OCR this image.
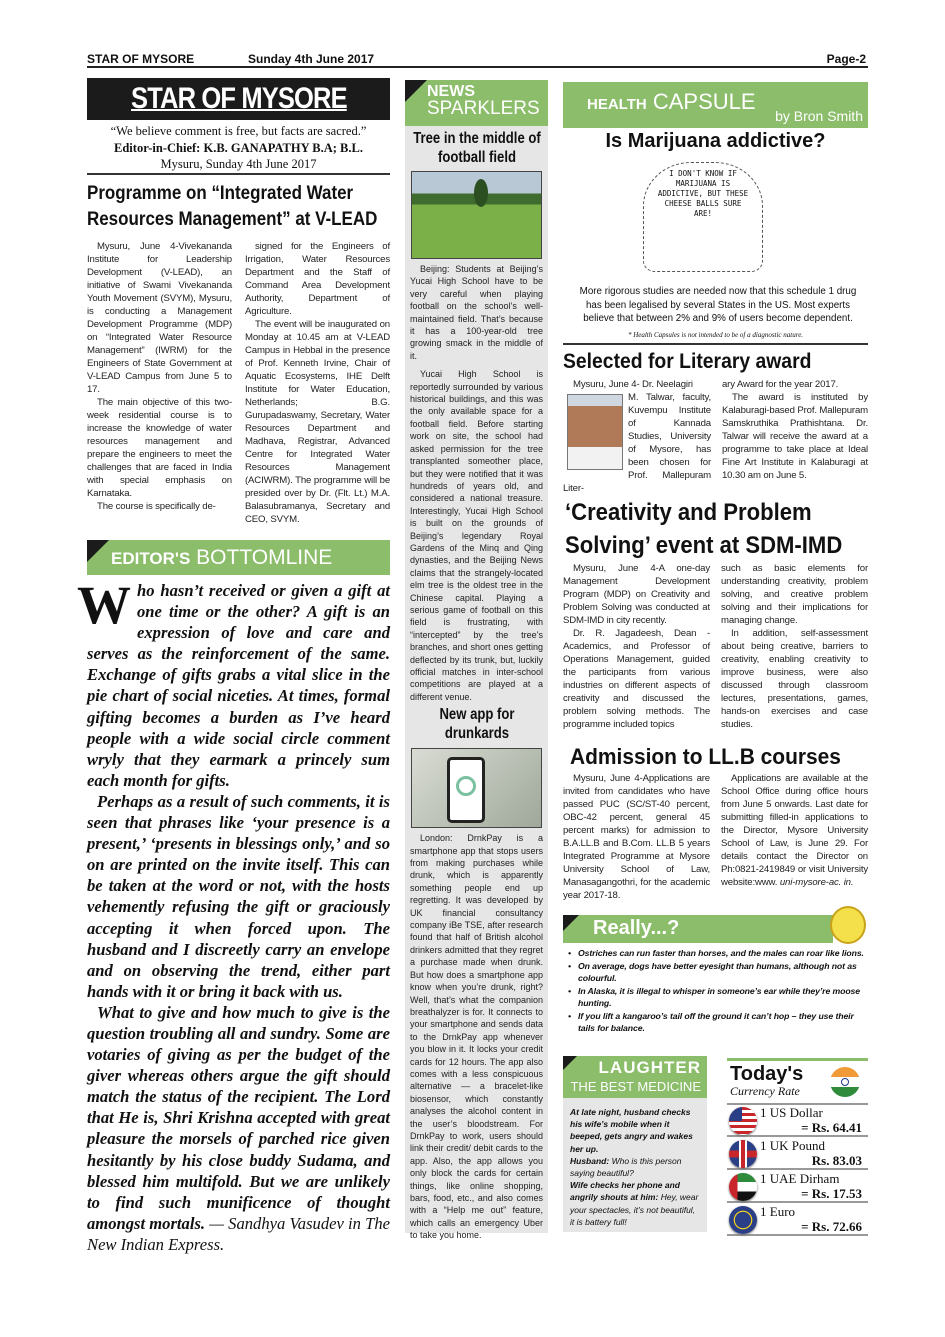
STAR OF MYSORE	Sunday 4th June 2017	Page-2
STAR OF MYSORE
“We believe comment is free, but facts are sacred.”
Editor-in-Chief: K.B. GANAPATHY B.A; B.L.
Mysuru, Sunday 4th June 2017
Programme on “Integrated Water Resources Management” at V-LEAD

Mysuru, June 4-Vivekananda Institute for Leadership Development (V-LEAD), an initiative of Swami Vivekananda Youth Movement (SVYM), Mysuru, is conducting a Management Development Programme (MDP) on “Integrated Water Resource Management” (IWRM) for the Engineers of State Government at V-LEAD Campus from June 5 to 17.

The main objective of this two-week residential course is to increase the knowledge of water resources management and prepare the engineers to meet the challenges that are faced in India with special emphasis on Karnataka.

The course is specifically de-

signed for the Engineers of Irrigation, Water Resources Department and the Staff of Command Area Development Authority, Department of Agriculture.

The event will be inaugurated on Monday at 10.45 am at V-LEAD Campus in Hebbal in the presence of Prof. Kenneth Irvine, Chair of Aquatic Ecosystems, IHE Delft Institute for Water Education, Netherlands; B.G. Gurupadaswamy, Secretary, Water Resources Department and Madhava, Registrar, Advanced Centre for Integrated Water Resources Management (ACIWRM). The programme will be presided over by Dr. (Flt. Lt.) M.A. Balasubramanya, Secretary and CEO, SVYM.

EDITOR'S BOTTOMLINE

Who hasn’t received or given a gift at one time or the other? A gift is an expression of love and care and serves as the reinforcement of the same. Exchange of gifts grabs a vital slice in the pie chart of social niceties. At times, formal gifting becomes a burden as I’ve heard people with a wide social circle comment wryly that they earmark a princely sum each month for gifts.

Perhaps as a result of such comments, it is seen that phrases like ‘your presence is a present,’ ‘presents in blessings only,’ and so on are printed on the invite itself. This can be taken at the word or not, with the hosts vehemently refusing the gift or graciously accepting it when forced upon. The husband and I discreetly carry an envelope and on observing the trend, either part hands with it or bring it back with us.

What to give and how much to give is the question troubling all and sundry. Some are votaries of giving as per the budget of the giver whereas others argue the gift should match the status of the recipient. The Lord that He is, Shri Krishna accepted with great pleasure the morsels of parched rice given hesitantly by his close buddy Sudama, and blessed him multifold. But we are unlikely to find such munificence of thought amongst mortals. — Sandhya Vasudev in The New Indian Express.

NEWS
SPARKLERS
Tree in the middle of football field

Beijing: Students at Beijing’s Yucai High School have to be very careful when playing football on the school’s well-maintained field. That’s because it has a 100-year-old tree growing smack in the middle of it.

Yucai High School is reportedly surrounded by various historical buildings, and this was the only available space for a football field. Before starting work on site, the school had asked permission for the tree transplanted someother place, but they were notified that it was hundreds of years old, and considered a national treasure. Interestingly, Yucai High School is built on the grounds of Beijing’s legendary Royal Gardens of the Minq and Qing dynasties, and the Beijing News claims that the strangely-located elm tree is the oldest tree in the Chinese capital. Playing a serious game of football on this field is frustrating, with “intercepted” by the tree’s branches, and short ones getting deflected by its trunk, but, luckily official matches in inter-school competitions are played at a different venue.

New app for drunkards

London: DrnkPay is a smartphone app that stops users from making purchases while drunk, which is apparently something people end up regretting. It was developed by UK financial consultancy company iBe TSE, after research found that half of British alcohol drinkers admitted that they regret a purchase made when drunk. But how does a smartphone app know when you’re drunk, right? Well, that’s what the companion breathalyzer is for. It connects to your smartphone and sends data to the DrnkPay app whenever you blow in it. It locks your credit cards for 12 hours. The app also comes with a less conspicuous alternative — a bracelet-like biosensor, which constantly analyses the alcohol content in the user’s bloodstream. For DrnkPay to work, users should link their credit/ debit cards to the app. Also, the app allows you only block the cards for certain things, like online shopping, bars, food, etc., and also comes with a “Help me out” feature, which calls an emergency Uber to take you home.

HEALTH CAPSULE
by Bron Smith
Is Marijuana addictive?
I DON'T KNOW IF MARIJUANA IS ADDICTIVE, BUT THESE CHEESE BALLS SURE ARE!
More rigorous studies are needed now that this schedule 1 drug has been legalised by several States in the US. Most experts believe that between 2% and 9% of users become dependent.
* Health Capsules is not intended to be of a diagnostic nature.
Selected for Literary award

Mysuru, June 4- Dr. Neelagiri

M. Talwar, faculty, Kuvempu Institute of Kannada Studies, University of Mysore, has been chosen for Prof. Mallepuram Liter-

ary Award for the year 2017.

The award is instituted by Kalaburagi-based Prof. Mallepuram Samskruthika Prathishtana. Dr. Talwar will receive the award at a programme to take place at Ideal Fine Art Institute in Kalaburagi at 10.30 am on June 5.

‘Creativity and Problem Solving’ event at SDM-IMD

Mysuru, June 4-A one-day Management Development Program (MDP) on Creativity and Problem Solving was conducted at SDM-IMD in city recently.

Dr. R. Jagadeesh, Dean - Academics, and Professor of Operations Management, guided the participants from various industries on different aspects of creativity and discussed the problem solving methods. The programme included topics

such as basic elements for understanding creativity, problem solving, and creative problem solving and their implications for managing change.

In addition, self-assessment about being creative, barriers to creativity, enabling creativity to improve business, were also discussed through classroom lectures, presentations, games, hands-on exercises and case studies.

Admission to LL.B courses

Mysuru, June 4-Applications are invited from candidates who have passed PUC (SC/ST-40 percent, OBC-42 percent, general 45 percent marks) for admission to B.A.LL.B and B.Com. LL.B 5 years Integrated Programme at Mysore University School of Law, Manasagangothri, for the academic year 2017-18.

Applications are available at the School Office during office hours from June 5 onwards. Last date for submitting filled-in applications to the Director, Mysore University School of Law, is June 29. For details contact the Director on Ph:0821-2419849 or visit University website:www. uni-mysore-ac. in.

Really...?
• Ostriches can run faster than horses, and the males can roar like lions.
• On average, dogs have better eyesight than humans, although not as colourful.
• In Alaska, it is illegal to whisper in someone’s ear while they’re moose hunting.
• If you lift a kangaroo’s tail off the ground it can’t hop – they use their tails for balance.
LAUGHTER
THE BEST MEDICINE
At late night, husband checks his wife’s mobile when it beeped, gets angry and wakes her up.
Husband: Who is this person saying beautiful?
Wife checks her phone and angrily shouts at him: Hey, wear your spectacles, it’s not beautiful, it is battery full!
Today's
Currency Rate
1 US Dollar
= Rs. 64.41
1 UK Pound
Rs. 83.03
1 UAE Dirham
= Rs. 17.53
1 Euro
= Rs. 72.66
